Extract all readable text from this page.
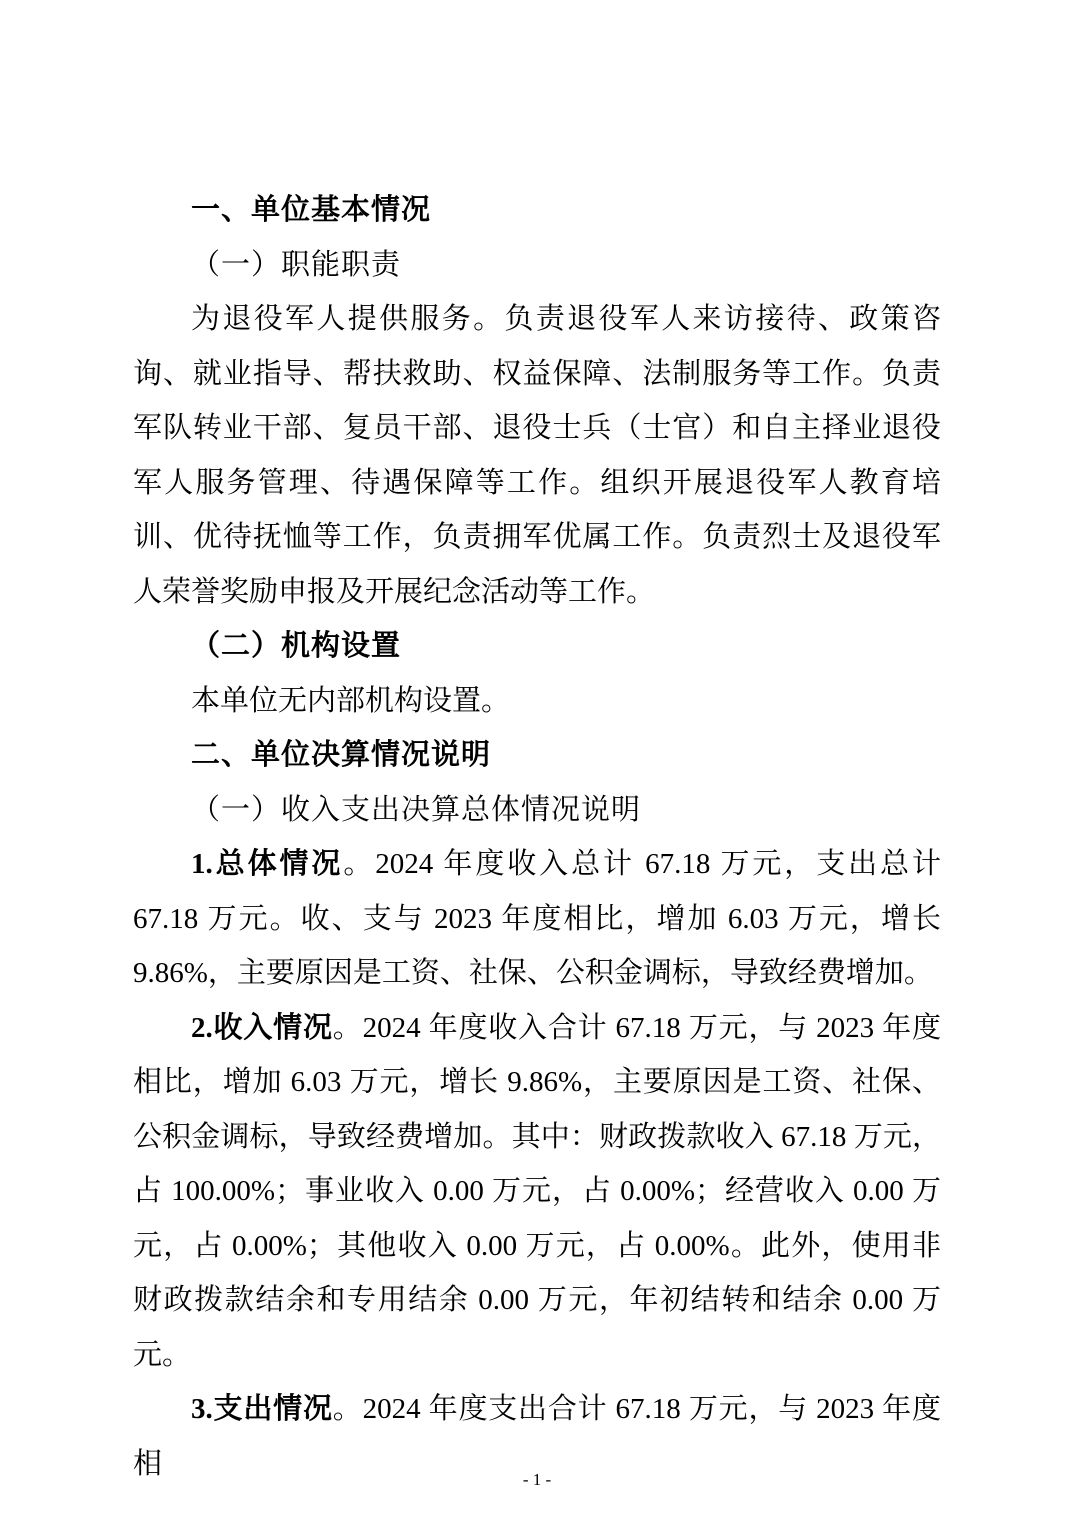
一、单位基本情况
（一）职能职责

为退役军人提供服务。负责退役军人来访接待、政策咨询、就业指导、帮扶救助、权益保障、法制服务等工作。负责军队转业干部、复员干部、退役士兵（士官）和自主择业退役军人服务管理、待遇保障等工作。组织开展退役军人教育培训、优待抚恤等工作，负责拥军优属工作。负责烈士及退役军人荣誉奖励申报及开展纪念活动等工作。

（二）机构设置

本单位无内部机构设置。

二、单位决算情况说明
（一）收入支出决算总体情况说明

1.总体情况。2024 年度收入总计 67.18 万元，支出总计 67.18 万元。收、支与 2023 年度相比，增加 6.03 万元，增长 9.86%，主要原因是工资、社保、公积金调标，导致经费增加。

2.收入情况。2024 年度收入合计 67.18 万元，与 2023 年度相比，增加 6.03 万元，增长 9.86%，主要原因是工资、社保、公积金调标，导致经费增加。其中：财政拨款收入 67.18 万元，占 100.00%；事业收入 0.00 万元，占 0.00%；经营收入 0.00 万元，占 0.00%；其他收入 0.00 万元，占 0.00%。此外，使用非财政拨款结余和专用结余 0.00 万元，年初结转和结余 0.00 万元。

3.支出情况。2024 年度支出合计 67.18 万元，与 2023 年度相	- 1 -
